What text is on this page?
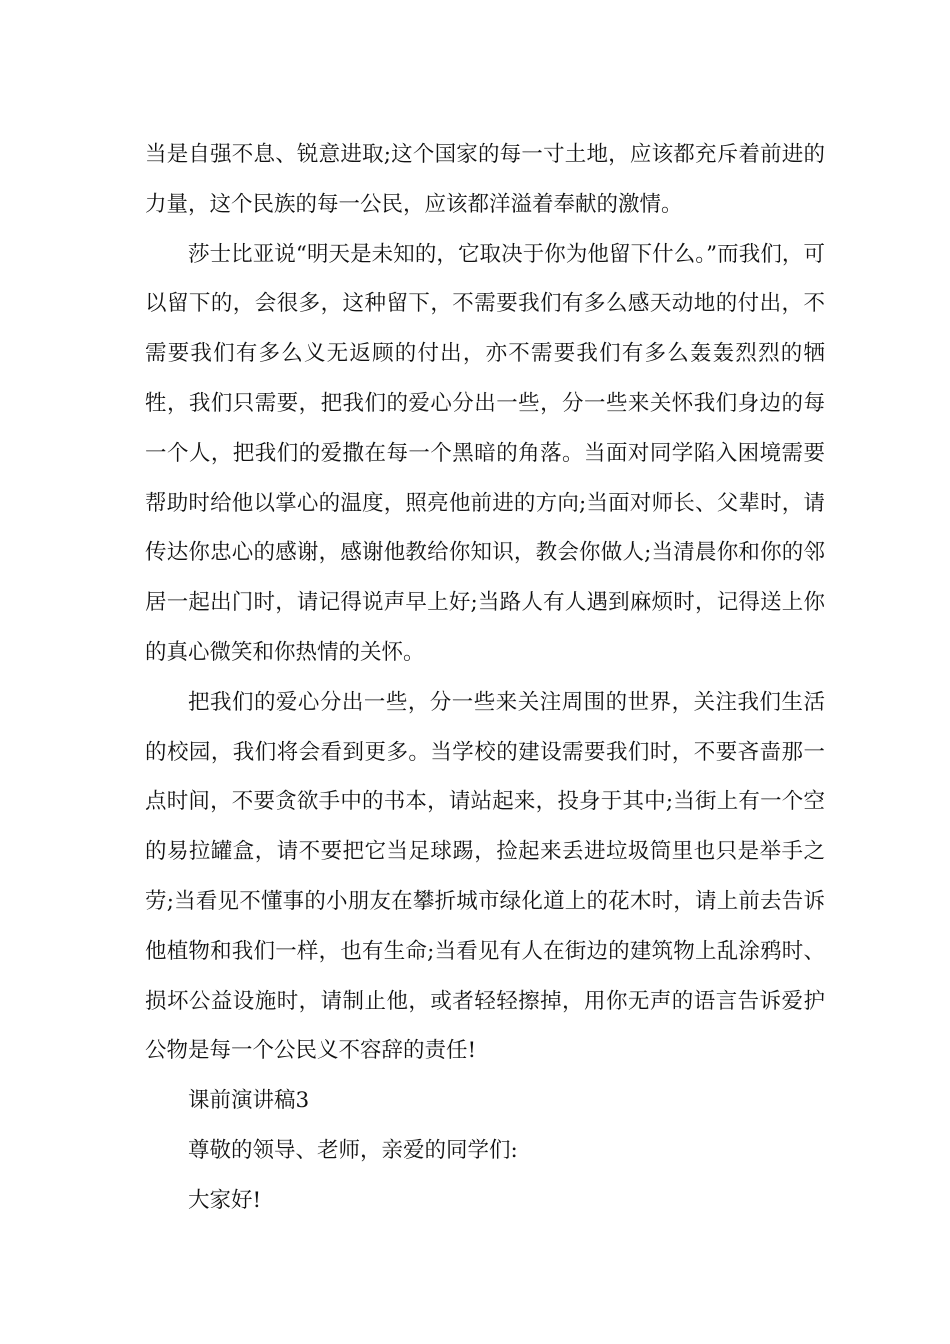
当是自强不息、锐意进取;这个国家的每一寸土地，应该都充斥着前进的力量，这个民族的每一公民，应该都洋溢着奉献的激情。

莎士比亚说“明天是未知的，它取决于你为他留下什么。”而我们，可以留下的，会很多，这种留下，不需要我们有多么感天动地的付出，不需要我们有多么义无返顾的付出，亦不需要我们有多么轰轰烈烈的牺牲，我们只需要，把我们的爱心分出一些，分一些来关怀我们身边的每一个人，把我们的爱撒在每一个黑暗的角落。当面对同学陷入困境需要帮助时给他以掌心的温度，照亮他前进的方向;当面对师长、父辈时，请传达你忠心的感谢，感谢他教给你知识，教会你做人;当清晨你和你的邻居一起出门时，请记得说声早上好;当路人有人遇到麻烦时，记得送上你的真心微笑和你热情的关怀。

把我们的爱心分出一些，分一些来关注周围的世界，关注我们生活的校园，我们将会看到更多。当学校的建设需要我们时，不要吝啬那一点时间，不要贪欲手中的书本，请站起来，投身于其中;当街上有一个空的易拉罐盒，请不要把它当足球踢，捡起来丢进垃圾筒里也只是举手之劳;当看见不懂事的小朋友在攀折城市绿化道上的花木时，请上前去告诉他植物和我们一样，也有生命;当看见有人在街边的建筑物上乱涂鸦时、损坏公益设施时，请制止他，或者轻轻擦掉，用你无声的语言告诉爱护公物是每一个公民义不容辞的责任!

课前演讲稿3

尊敬的领导、老师，亲爱的同学们:

大家好!
